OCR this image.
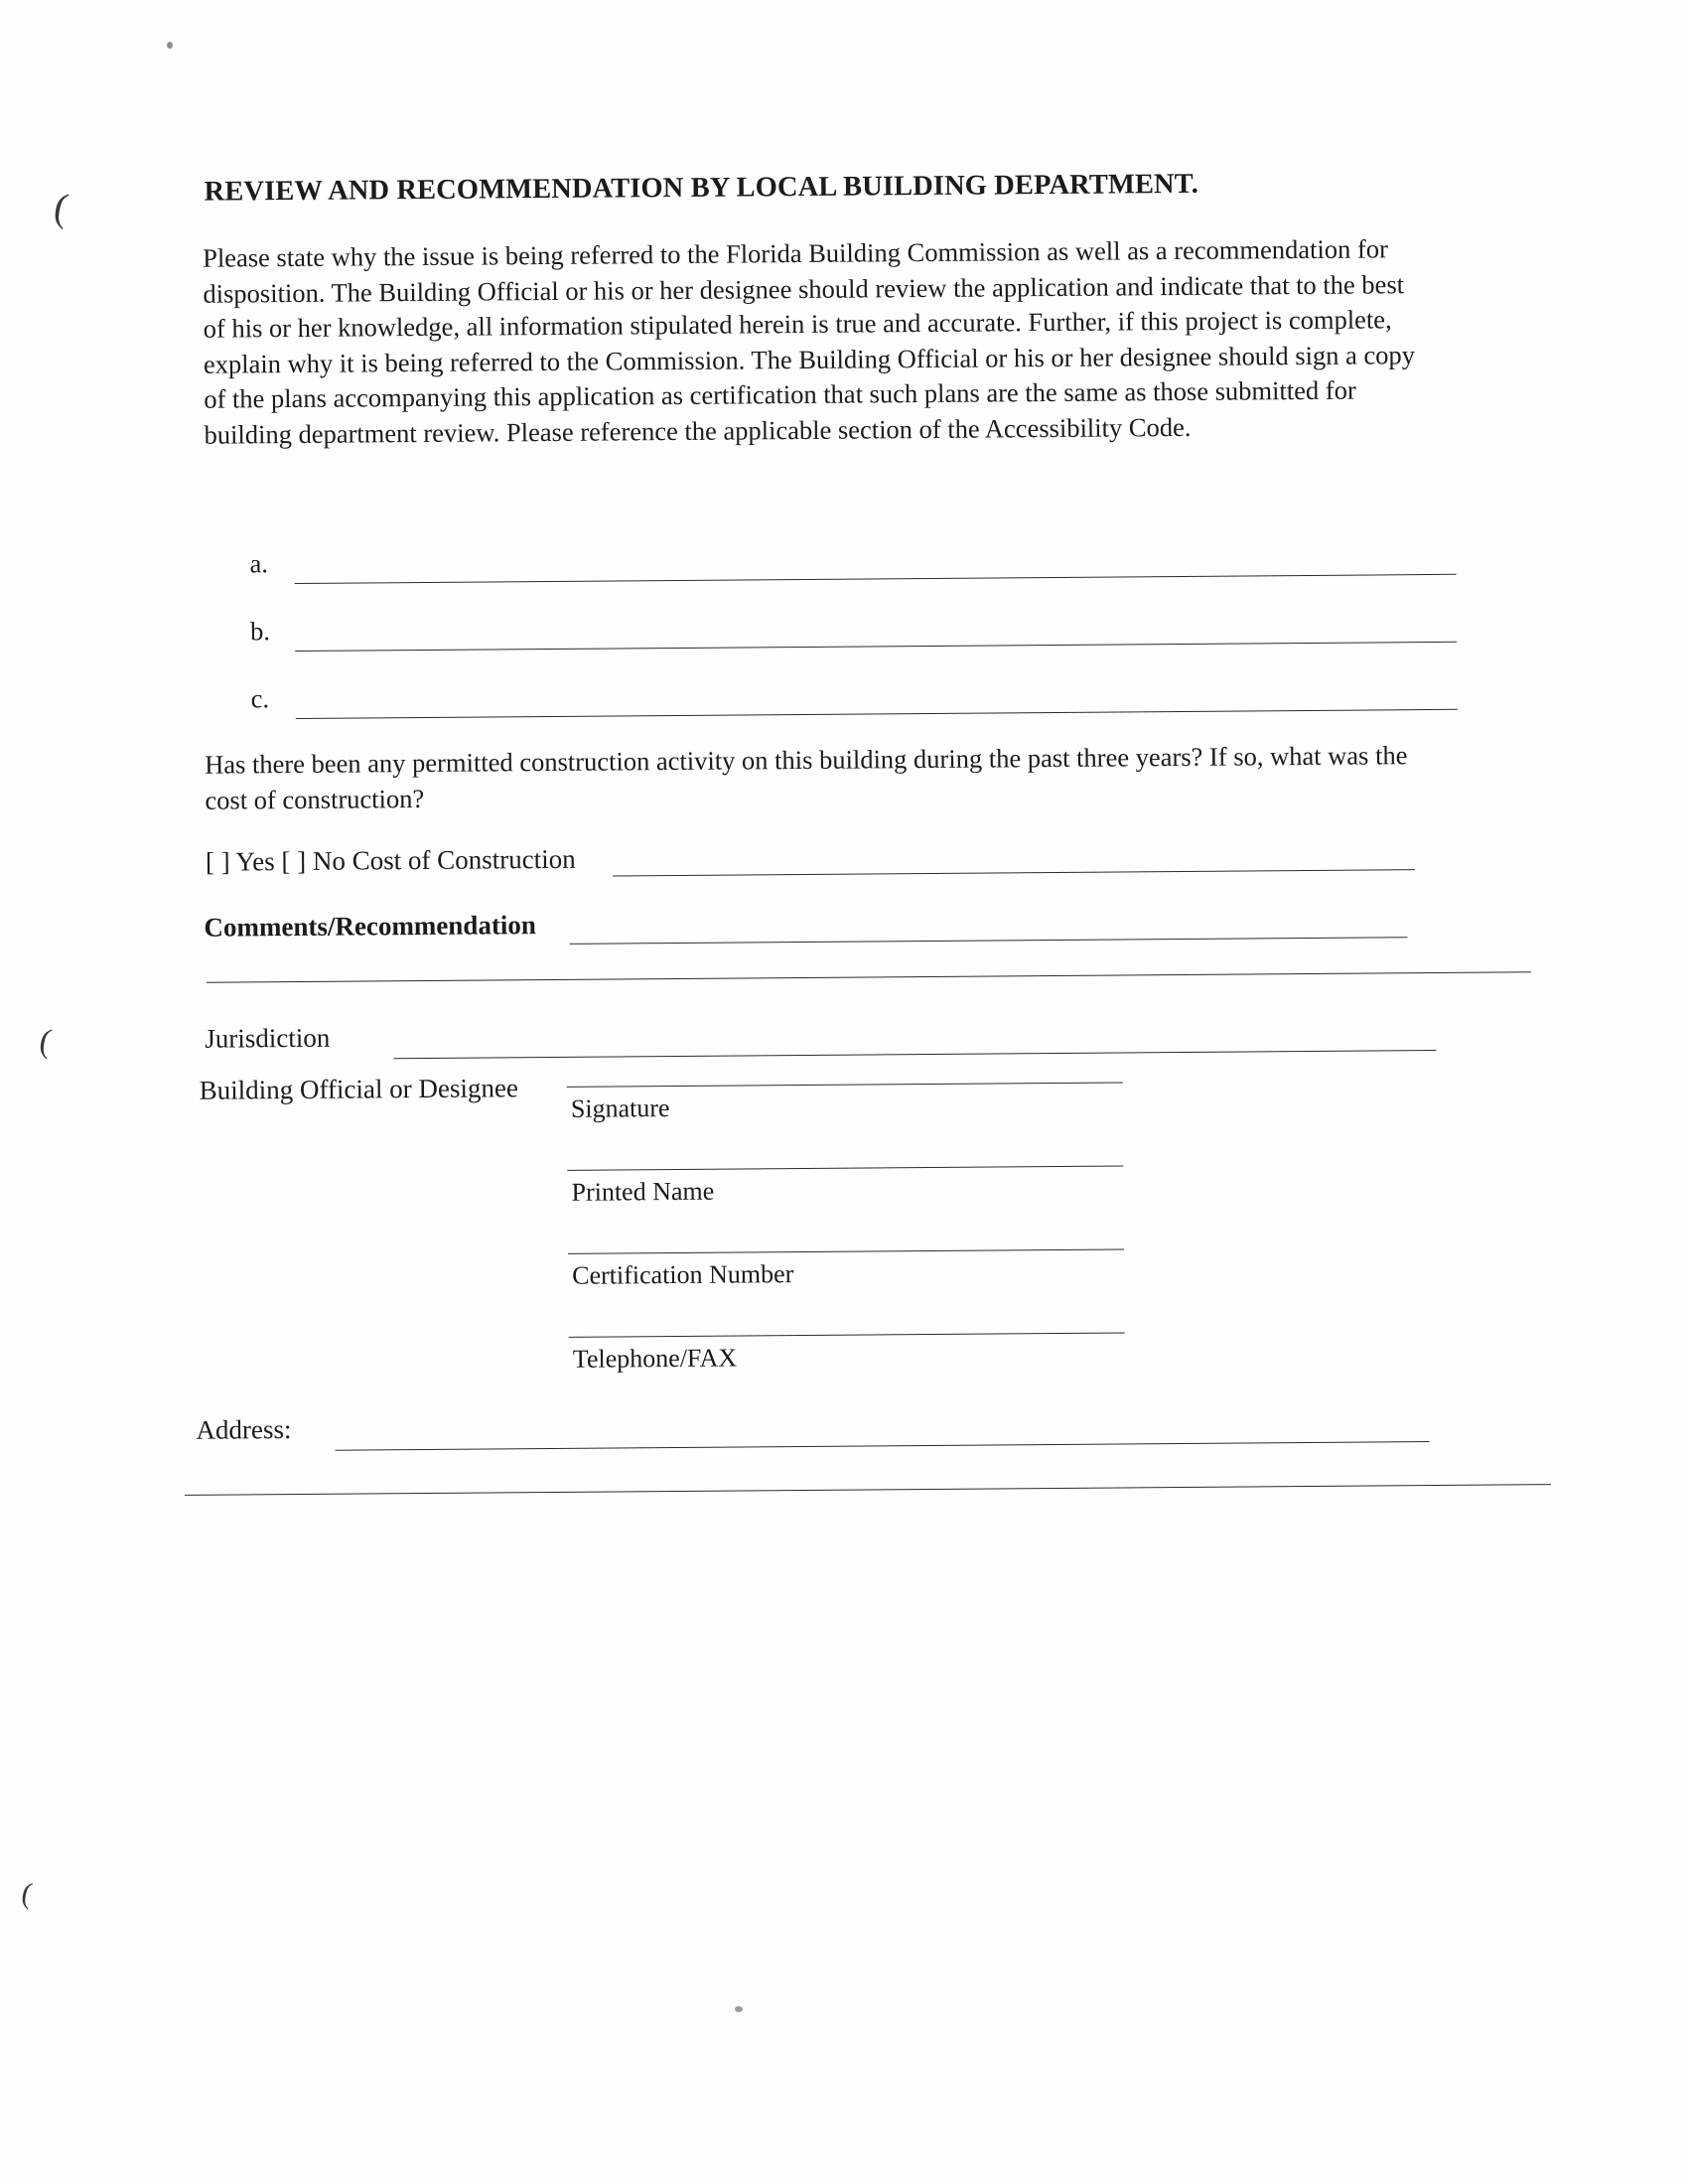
(
(
(
REVIEW AND RECOMMENDATION BY LOCAL BUILDING DEPARTMENT.
Please state why the issue is being referred to the Florida Building Commission as well as a recommendation for disposition. The Building Official or his or her designee should review the application and indicate that to the best of his or her knowledge, all information stipulated herein is true and accurate. Further, if this project is complete, explain why it is being referred to the Commission. The Building Official or his or her designee should sign a copy of the plans accompanying this application as certification that such plans are the same as those submitted for building department review. Please reference the applicable section of the Accessibility Code.
a.
b.
c.
Has there been any permitted construction activity on this building during the past three years? If so, what was the cost of construction?
[ ] Yes [ ] No Cost of Construction
Comments/Recommendation
Jurisdiction
Building Official or Designee
Signature
Printed Name
Certification Number
Telephone/FAX
Address:
